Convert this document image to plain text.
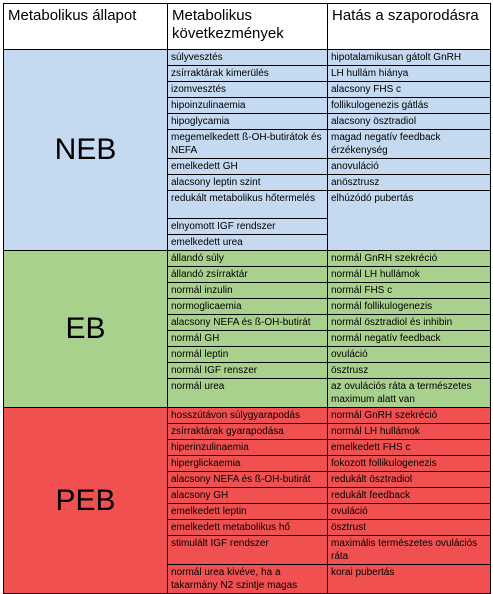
Metabolikus állapot	Metabolikus következmények	Hatás a szaporodásra
NEB	súlyvesztés	hipotalamikusan gátolt GnRH
	zsírraktárak kimerülés	LH hullám hiánya
	izomvesztés	alacsony FHS c
	hipoinzulinaemia	follikulogenezis gátlás
	hipoglycamia	alacsony ösztradiol
	megemelkedett ß-OH-butirátok és NEFA	magad negatív feedback érzékenység
	emelkedett GH	anovuláció
	alacsony leptin szint	anösztrusz
	redukált metabolikus hőtermelés	elhúzódó pubertás
	elnyomott IGF rendszer	
	emelkedett urea	
EB	állandó súly	normál GnRH szekréció
	állandó zsírraktár	normál LH hullámok
	normál inzulin	normál FHS c
	normoglicaemia	normál follikulogenezis
	alacsony NEFA és ß-OH-butirát	normál ösztradiol és inhibin
	normál GH	normál negatív feedback
	normál leptin	ovuláció
	normál IGF renszer	ösztrusz
	normál urea	az ovulációs ráta a természetes maximum alatt van
PEB	hosszútávon súlygyarapodás	normál GnRH szekréció
	zsírraktárak gyarapodása	normál LH hullámok
	hiperinzulinaemia	emelkedett FHS c
	hiperglickaemia	fokozott follikulogenezis
	alacsony NEFA és ß-OH-butirát	redukált ösztradiol
	alacsony GH	redukált feedback
	emelkedett leptin	ovuláció
	emelkedett metabolikus hő	ösztrust
	stimulált IGF rendszer	maximális természetes ovulációs ráta
	normál urea kivéve, ha a takarmány N2 szintje magas	korai pubertás
